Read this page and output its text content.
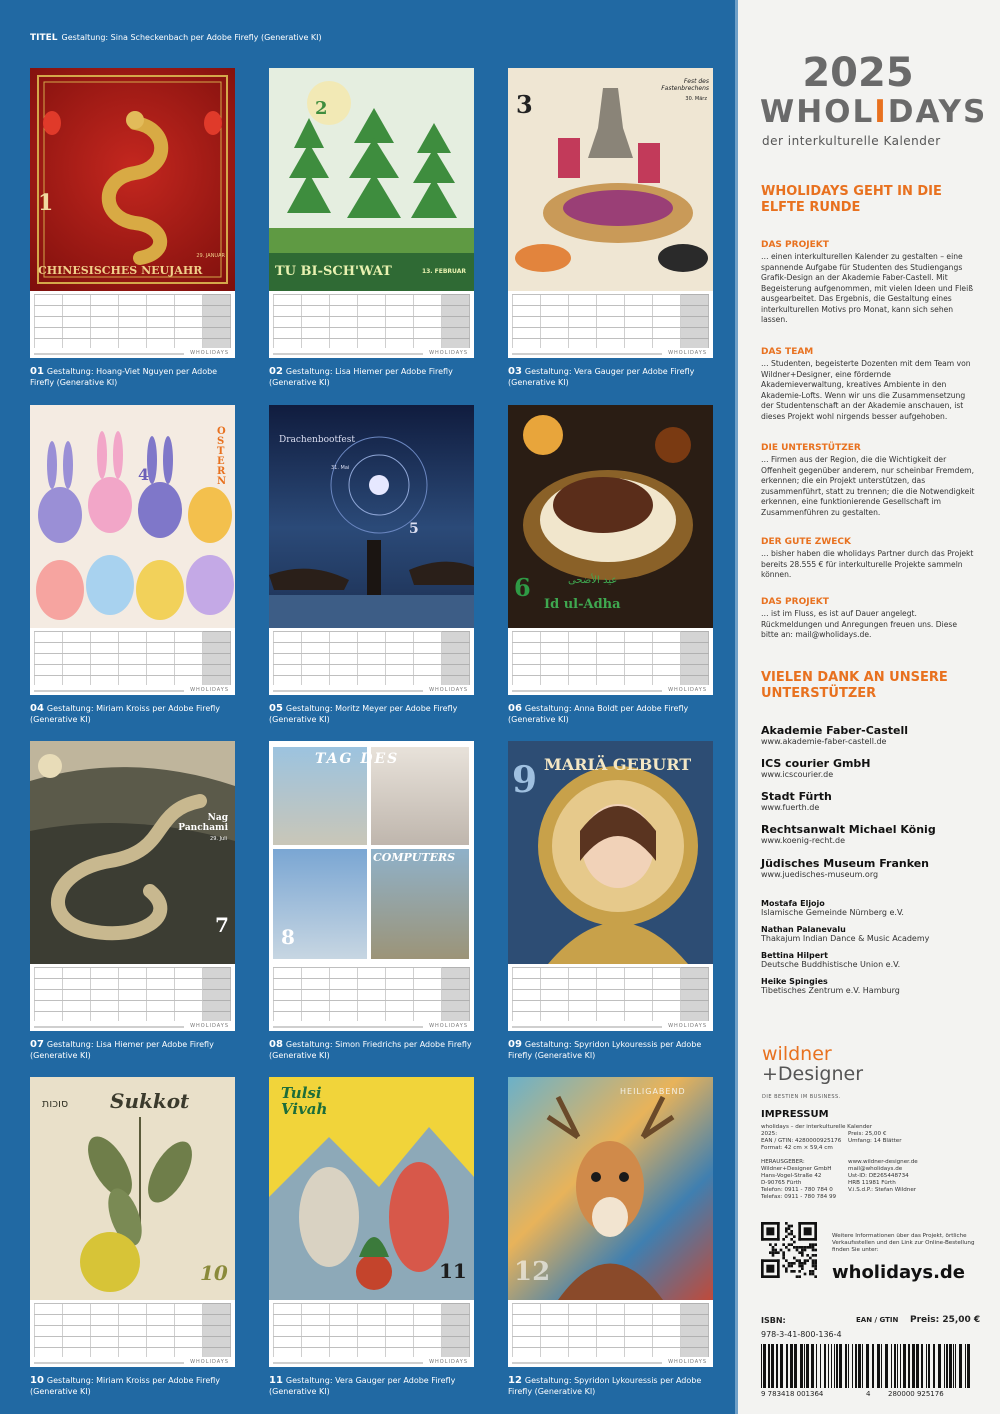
TITEL Gestaltung: Sina Scheckenbach per Adobe Firefly (Generative KI)
1
CHINESISCHES NEUJAHR
29. JANUAR
WHOLIDAYS
2
TU BI-SCH'WAT	13. FEBRUAR
WHOLIDAYS
3
Fest des Fastenbrechens
30. März
WHOLIDAYS
4
OSTERN
WHOLIDAYS
Drachenbootfest
31. Mai
5
WHOLIDAYS
6	عيد الأضحى
Id ul-Adha
WHOLIDAYS
Nag Panchami
29. Juli
7
WHOLIDAYS
TAG DES
COMPUTERS
8
WHOLIDAYS
9 MARIÄ GEBURT
WHOLIDAYS
Sukkot
סוכות
10
WHOLIDAYS
Tulsi Vivah
11
WHOLIDAYS
HEILIGABEND
12
WHOLIDAYS
01 Gestaltung: Hoang-Viet Nguyen per Adobe Firefly (Generative KI)
02 Gestaltung: Lisa Hiemer per Adobe Firefly (Generative KI)
03 Gestaltung: Vera Gauger per Adobe Firefly (Generative KI)
04 Gestaltung: Miriam Kroiss per Adobe Firefly (Generative KI)
05 Gestaltung: Moritz Meyer per Adobe Firefly (Generative KI)
06 Gestaltung: Anna Boldt per Adobe Firefly (Generative KI)
07 Gestaltung: Lisa Hiemer per Adobe Firefly (Generative KI)
08 Gestaltung: Simon Friedrichs per Adobe Firefly (Generative KI)
09 Gestaltung: Spyridon Lykouressis per Adobe Firefly (Generative KI)
10 Gestaltung: Miriam Kroiss per Adobe Firefly (Generative KI)
11 Gestaltung: Vera Gauger per Adobe Firefly (Generative KI)
12 Gestaltung: Spyridon Lykouressis per Adobe Firefly (Generative KI)
2025
WHOLIDAYS
der interkulturelle Kalender
WHOLIDAYS GEHT IN DIE ELFTE RUNDE
DAS PROJEKT
… einen interkulturellen Kalender zu gestalten – eine spannende Aufgabe für Studenten des Studiengangs Grafik-Design an der Akademie Faber-Castell. Mit Begeisterung aufgenommen, mit vielen Ideen und Fleiß ausgearbeitet. Das Ergebnis, die Gestaltung eines interkulturellen Motivs pro Monat, kann sich sehen lassen.
DAS TEAM
… Studenten, begeisterte Dozenten mit dem Team von Wildner+Designer, eine fördernde Akademieverwaltung, kreatives Ambiente in den Akademie-Lofts. Wenn wir uns die Zusammensetzung der Studentenschaft an der Akademie anschauen, ist dieses Projekt wohl nirgends besser aufgehoben.
DIE UNTERSTÜTZER
… Firmen aus der Region, die die Wichtigkeit der Offenheit gegenüber anderem, nur scheinbar Fremdem, erkennen; die ein Projekt unterstützen, das zusammenführt, statt zu trennen; die die Notwendigkeit erkennen, eine funktionierende Gesellschaft im Zusammenführen zu gestalten.
DER GUTE ZWECK
… bisher haben die wholidays Partner durch das Projekt bereits 28.555 € für interkulturelle Projekte sammeln können.
DAS PROJEKT
… ist im Fluss, es ist auf Dauer angelegt. Rückmeldungen und Anregungen freuen uns. Diese bitte an: mail@wholidays.de.
VIELEN DANK AN UNSERE UNTERSTÜTZER
Akademie Faber-Castell
www.akademie-faber-castell.de
ICS courier GmbH
www.icscourier.de
Stadt Fürth
www.fuerth.de
Rechtsanwalt Michael König
www.koenig-recht.de
Jüdisches Museum Franken
www.juedisches-museum.org
Mostafa Eljojo
Islamische Gemeinde Nürnberg e.V.
Nathan Palanevalu
Thakajum Indian Dance & Music Academy
Bettina Hilpert
Deutsche Buddhistische Union e.V.
Heike Spingies
Tibetisches Zentrum e.V. Hamburg
wildner
+Designer
DIE BESTIEN IM BUSINESS.
IMPRESSUM
wholidays – der interkulturelle Kalender 2025:
EAN / GTIN: 4280000925176
Format: 42 cm × 59,4 cm

HERAUSGEBER:
Wildner+Designer GmbH
Hans-Vogel-Straße 42
D-90765 Fürth
Telefon: 0911 - 780 784 0
Telefax: 0911 - 780 784 99

Preis: 25,00 €
Umfang: 14 Blätter

www.wildner-designer.de
mail@wholidays.de
Ust-ID: DE265448734
HRB 11981 Fürth
V.i.S.d.P.: Stefan Wildner
Weitere Informationen über das Projekt, örtliche Verkaufsstellen und den Link zur Online-Bestellung finden Sie unter:
wholidays.de
ISBN:
978-3-41-800-136-4
EAN / GTIN Preis: 25,00 €
9 783418 001364	4	280000 925176
